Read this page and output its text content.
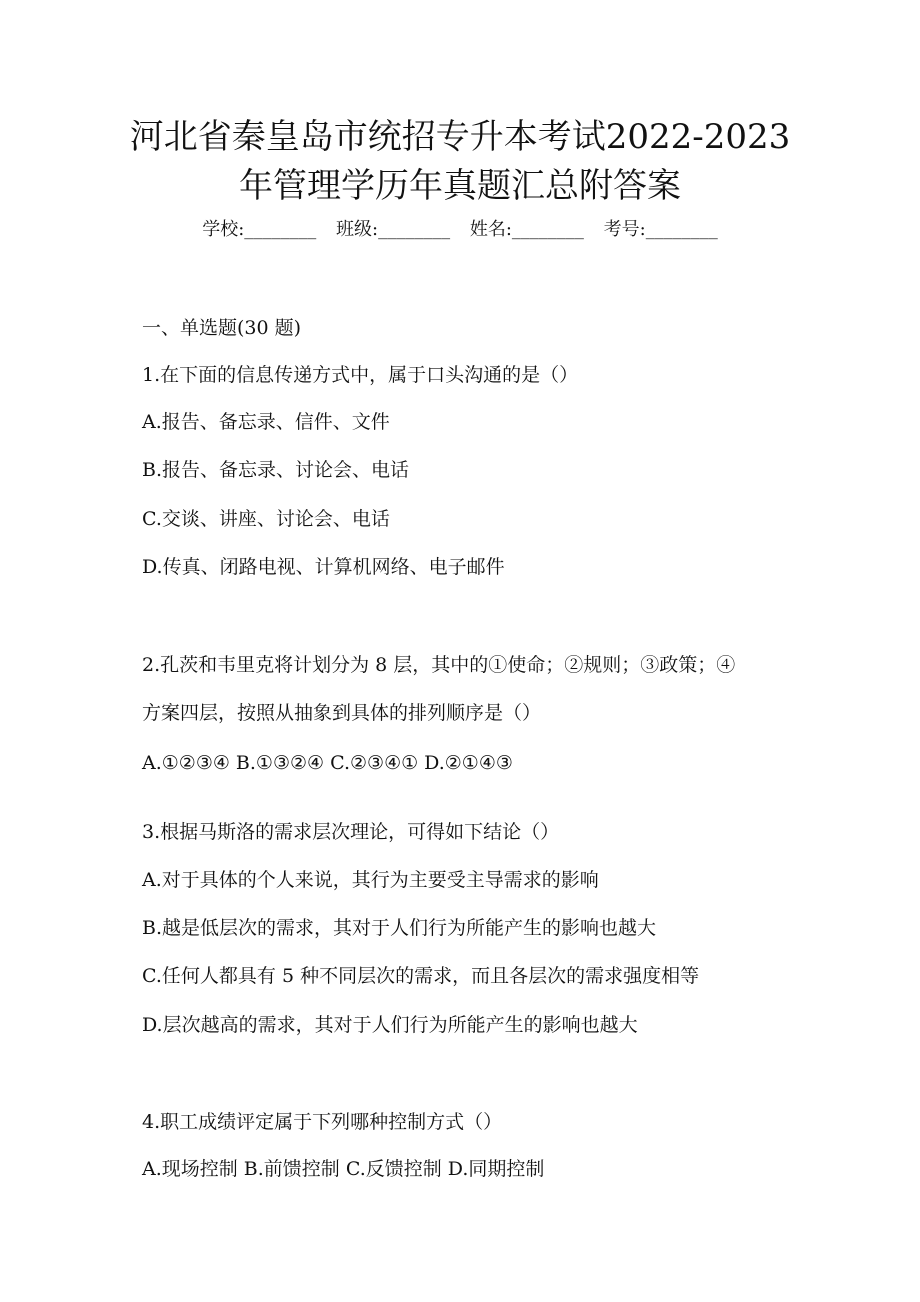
河北省秦皇岛市统招专升本考试2022-2023
年管理学历年真题汇总附答案
学校:________ 班级:________ 姓名:________ 考号:________

一、单选题(30 题)

1.在下面的信息传递方式中，属于口头沟通的是（）

A.报告、备忘录、信件、文件

B.报告、备忘录、讨论会、电话

C.交谈、讲座、讨论会、电话

D.传真、闭路电视、计算机网络、电子邮件

2.孔茨和韦里克将计划分为 8 层，其中的①使命；②规则；③政策；④

方案四层，按照从抽象到具体的排列顺序是（）

A.①②③④ B.①③②④ C.②③④① D.②①④③

3.根据马斯洛的需求层次理论，可得如下结论（）

A.对于具体的个人来说，其行为主要受主导需求的影响

B.越是低层次的需求，其对于人们行为所能产生的影响也越大

C.任何人都具有 5 种不同层次的需求，而且各层次的需求强度相等

D.层次越高的需求，其对于人们行为所能产生的影响也越大

4.职工成绩评定属于下列哪种控制方式（）

A.现场控制 B.前馈控制 C.反馈控制 D.同期控制
